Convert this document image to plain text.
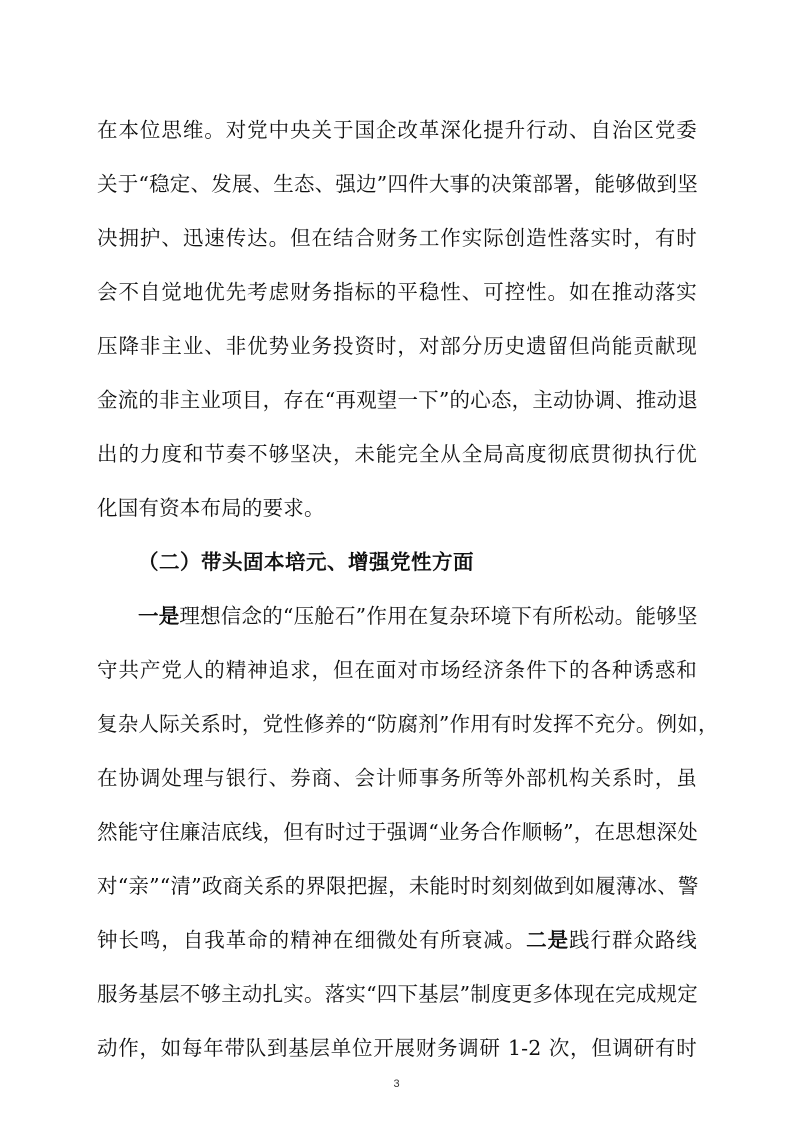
在本位思维。对党中央关于国企改革深化提升行动、自治区党委
关于“稳定、发展、生态、强边”四件大事的决策部署，能够做到坚
决拥护、迅速传达。但在结合财务工作实际创造性落实时，有时
会不自觉地优先考虑财务指标的平稳性、可控性。如在推动落实
压降非主业、非优势业务投资时，对部分历史遗留但尚能贡献现
金流的非主业项目，存在“再观望一下”的心态，主动协调、推动退
出的力度和节奏不够坚决，未能完全从全局高度彻底贯彻执行优
化国有资本布局的要求。
（二）带头固本培元、增强党性方面
一是理想信念的“压舱石”作用在复杂环境下有所松动。能够坚
守共产党人的精神追求，但在面对市场经济条件下的各种诱惑和
复杂人际关系时，党性修养的“防腐剂”作用有时发挥不充分。例如，
在协调处理与银行、券商、会计师事务所等外部机构关系时，虽
然能守住廉洁底线，但有时过于强调“业务合作顺畅”，在思想深处
对“亲”“清”政商关系的界限把握，未能时时刻刻做到如履薄冰、警
钟长鸣，自我革命的精神在细微处有所衰减。二是践行群众路线
服务基层不够主动扎实。落实“四下基层”制度更多体现在完成规定
动作，如每年带队到基层单位开展财务调研 1-2 次，但调研有时
3
